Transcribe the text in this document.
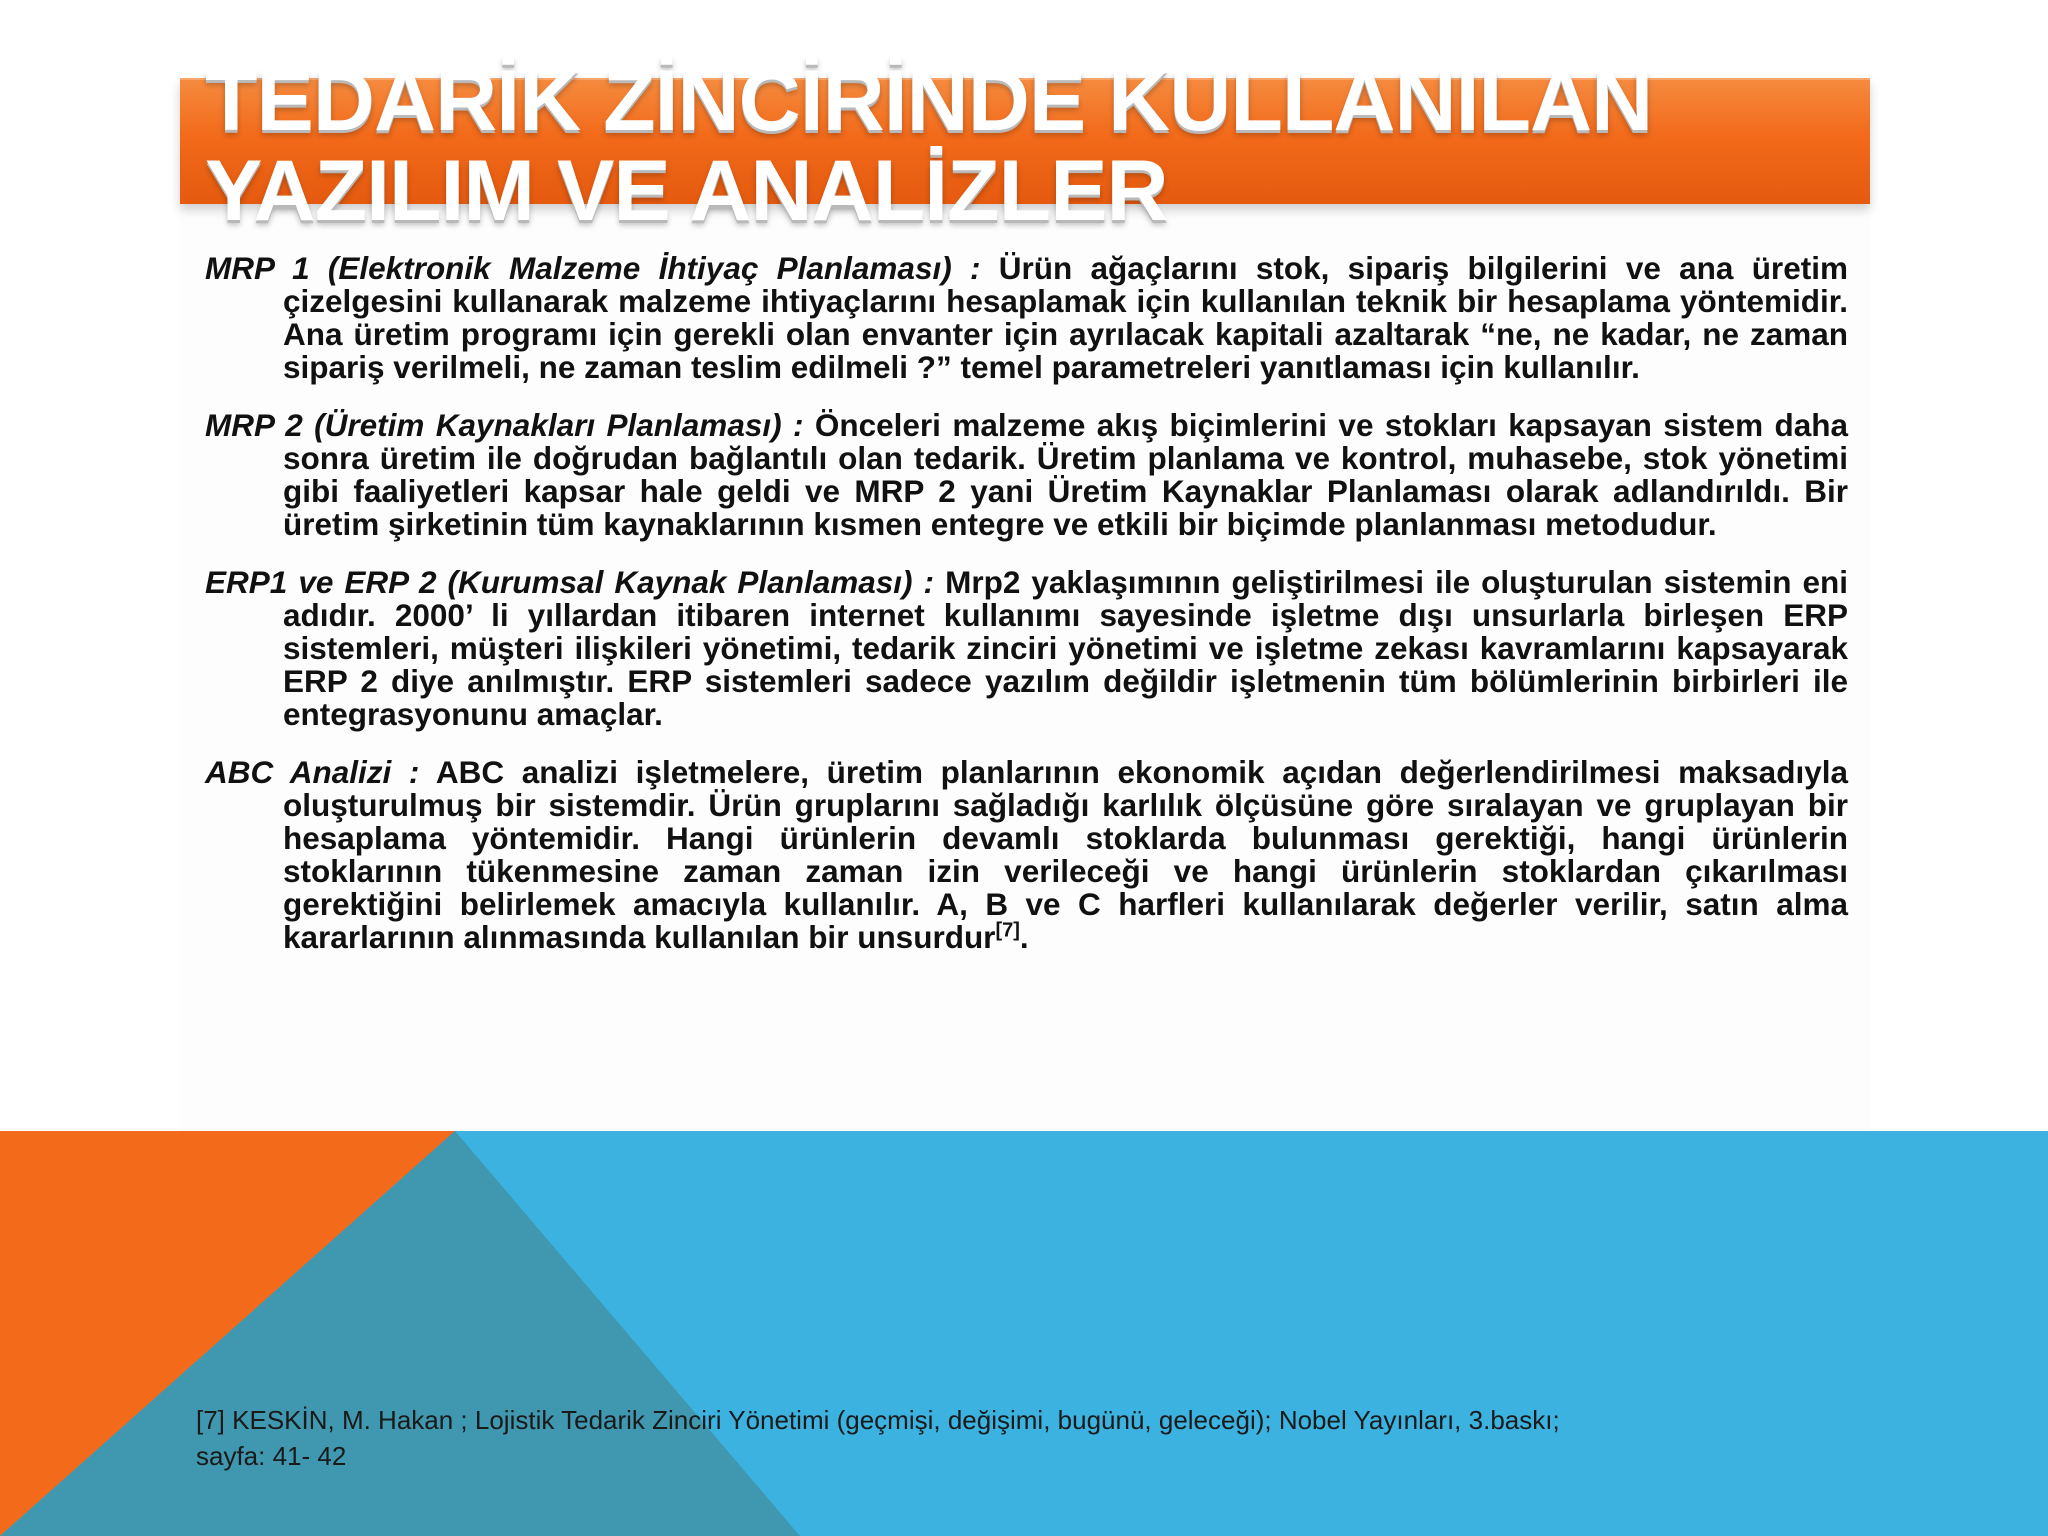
TEDARİK ZİNCİRİNDE KULLANILAN
YAZILIM VE ANALİZLER

MRP 1 (Elektronik Malzeme İhtiyaç Planlaması) : Ürün ağaçlarını stok, sipariş bilgilerini ve ana üretim çizelgesini kullanarak malzeme ihtiyaçlarını hesaplamak için kullanılan teknik bir hesaplama yöntemidir. Ana üretim programı için gerekli olan envanter için ayrılacak kapitali azaltarak “ne, ne kadar, ne zaman sipariş verilmeli, ne zaman teslim edilmeli ?” temel parametreleri yanıtlaması için kullanılır.

MRP 2 (Üretim Kaynakları Planlaması) : Önceleri malzeme akış biçimlerini ve stokları kapsayan sistem daha sonra üretim ile doğrudan bağlantılı olan tedarik. Üretim planlama ve kontrol, muhasebe, stok yönetimi gibi faaliyetleri kapsar hale geldi ve MRP 2 yani Üretim Kaynaklar Planlaması olarak adlandırıldı. Bir üretim şirketinin tüm kaynaklarının kısmen entegre ve etkili bir biçimde planlanması metodudur.

ERP1 ve ERP 2 (Kurumsal Kaynak Planlaması) : Mrp2 yaklaşımının geliştirilmesi ile oluşturulan sistemin eni adıdır. 2000’ li yıllardan itibaren internet kullanımı sayesinde işletme dışı unsurlarla birleşen ERP sistemleri, müşteri ilişkileri yönetimi, tedarik zinciri yönetimi ve işletme zekası kavramlarını kapsayarak ERP 2 diye anılmıştır. ERP sistemleri sadece yazılım değildir işletmenin tüm bölümlerinin birbirleri ile entegrasyonunu amaçlar.

ABC Analizi : ABC analizi işletmelere, üretim planlarının ekonomik açıdan değerlendirilmesi maksadıyla oluşturulmuş bir sistemdir. Ürün gruplarını sağladığı karlılık ölçüsüne göre sıralayan ve gruplayan bir hesaplama yöntemidir. Hangi ürünlerin devamlı stoklarda bulunması gerektiği, hangi ürünlerin stoklarının tükenmesine zaman zaman izin verileceği ve hangi ürünlerin stoklardan çıkarılması gerektiğini belirlemek amacıyla kullanılır. A, B ve C harfleri kullanılarak değerler verilir, satın alma kararlarının alınmasında kullanılan bir unsurdur[7].

[7] KESKİN, M. Hakan ; Lojistik Tedarik Zinciri Yönetimi (geçmişi, değişimi, bugünü, geleceği); Nobel Yayınları, 3.baskı;
sayfa: 41- 42
